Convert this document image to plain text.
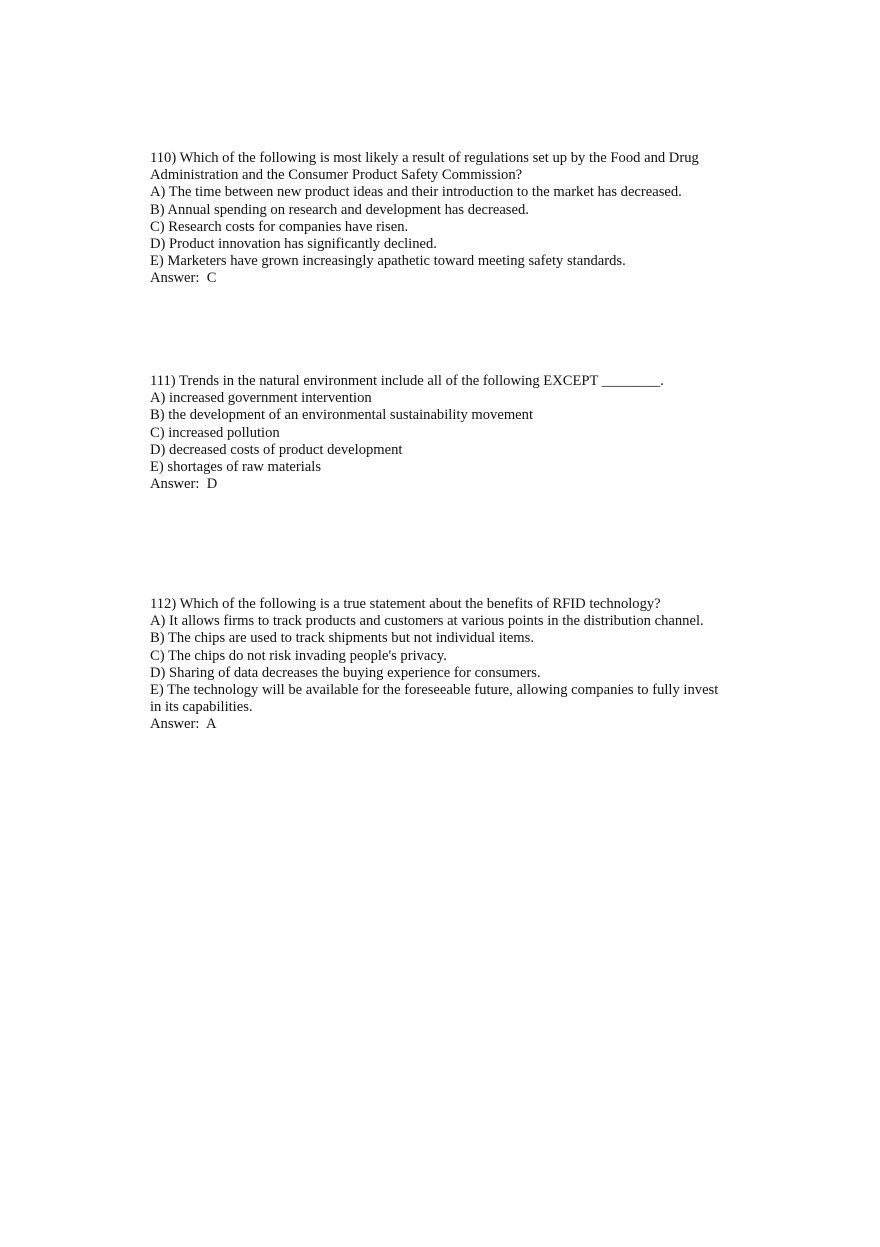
110) Which of the following is most likely a result of regulations set up by the Food and Drug Administration and the Consumer Product Safety Commission?
A) The time between new product ideas and their introduction to the market has decreased.
B) Annual spending on research and development has decreased.
C) Research costs for companies have risen.
D) Product innovation has significantly declined.
E) Marketers have grown increasingly apathetic toward meeting safety standards.
Answer:  C
111) Trends in the natural environment include all of the following EXCEPT ________.
A) increased government intervention
B) the development of an environmental sustainability movement
C) increased pollution
D) decreased costs of product development
E) shortages of raw materials
Answer:  D
112) Which of the following is a true statement about the benefits of RFID technology?
A) It allows firms to track products and customers at various points in the distribution channel.
B) The chips are used to track shipments but not individual items.
C) The chips do not risk invading people's privacy.
D) Sharing of data decreases the buying experience for consumers.
E) The technology will be available for the foreseeable future, allowing companies to fully invest in its capabilities.
Answer:  A
